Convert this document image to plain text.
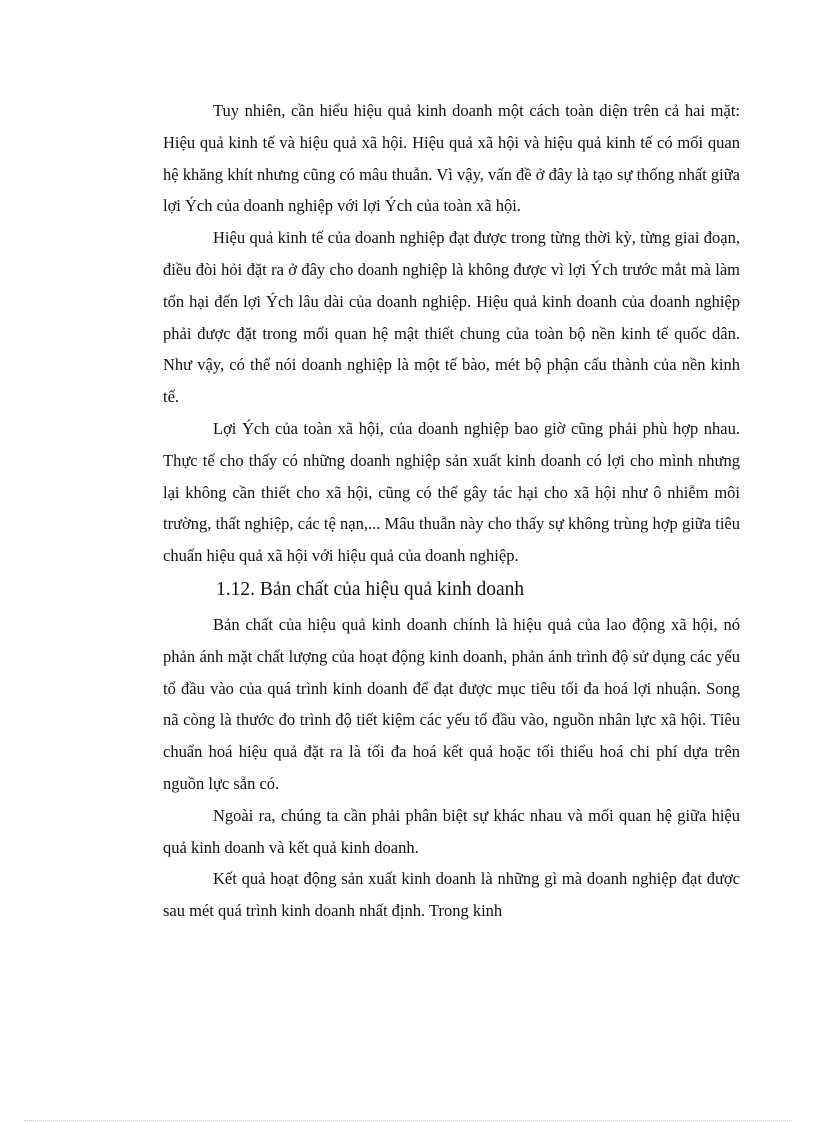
Tuy nhiên, cần hiểu hiệu quả kinh doanh một cách toàn diện trên cả hai mặt: Hiệu quả kinh tế và hiệu quả xã hội. Hiệu quả xã hội và hiệu quả kinh tế có mối quan hệ khăng khít nhưng cũng có mâu thuẫn. Vì vậy, vấn đề ở đây là tạo sự thống nhất giữa lợi Ých của doanh nghiệp với lợi Ých của toàn xã hội.

Hiệu quả kinh tế của doanh nghiệp đạt được trong từng thời kỳ, từng giai đoạn, điều đòi hỏi đặt ra ở đây cho doanh nghiệp là không được vì lợi Ých trước mắt mà làm tổn hại đến lợi Ých lâu dài của doanh nghiệp. Hiệu quả kinh doanh của doanh nghiệp phải được đặt trong mối quan hệ mật thiết chung của toàn bộ nền kinh tế quốc dân. Như vậy, có thể nói doanh nghiệp là một tế bào, mét bộ phận cấu thành của nền kinh tế.

Lợi Ých của toàn xã hội, của doanh nghiệp bao giờ cũng phải phù hợp nhau. Thực tế cho thấy có những doanh nghiệp sản xuất kinh doanh có lợi cho mình nhưng lại không cần thiết cho xã hội, cũng có thể gây tác hại cho xã hội như ô nhiễm môi trường, thất nghiệp, các tệ nạn,... Mâu thuẫn này cho thấy sự không trùng hợp giữa tiêu chuẩn hiệu quả xã hội với hiệu quả của doanh nghiệp.

1.12. Bản chất của hiệu quả kinh doanh

Bản chất của hiệu quả kinh doanh chính là hiệu quả của lao động xã hội, nó phản ánh mặt chất lượng của hoạt động kinh doanh, phản ánh trình độ sử dụng các yếu tố đầu vào của quá trình kinh doanh để đạt được mục tiêu tối đa hoá lợi nhuận. Song nã còng là thước đo trình độ tiết kiệm các yếu tố đầu vào, nguồn nhân lực xã hội. Tiêu chuẩn hoá hiệu quả đặt ra là tối đa hoá kết quả hoặc tối thiểu hoá chi phí dựa trên nguồn lực sẵn có.

Ngoài ra, chúng ta cần phải phân biệt sự khác nhau và mối quan hệ giữa hiệu quả kinh doanh và kết quả kinh doanh.

Kết quả hoạt động sản xuất kinh doanh là những gì mà doanh nghiệp đạt được sau mét quá trình kinh doanh nhất định. Trong kinh
